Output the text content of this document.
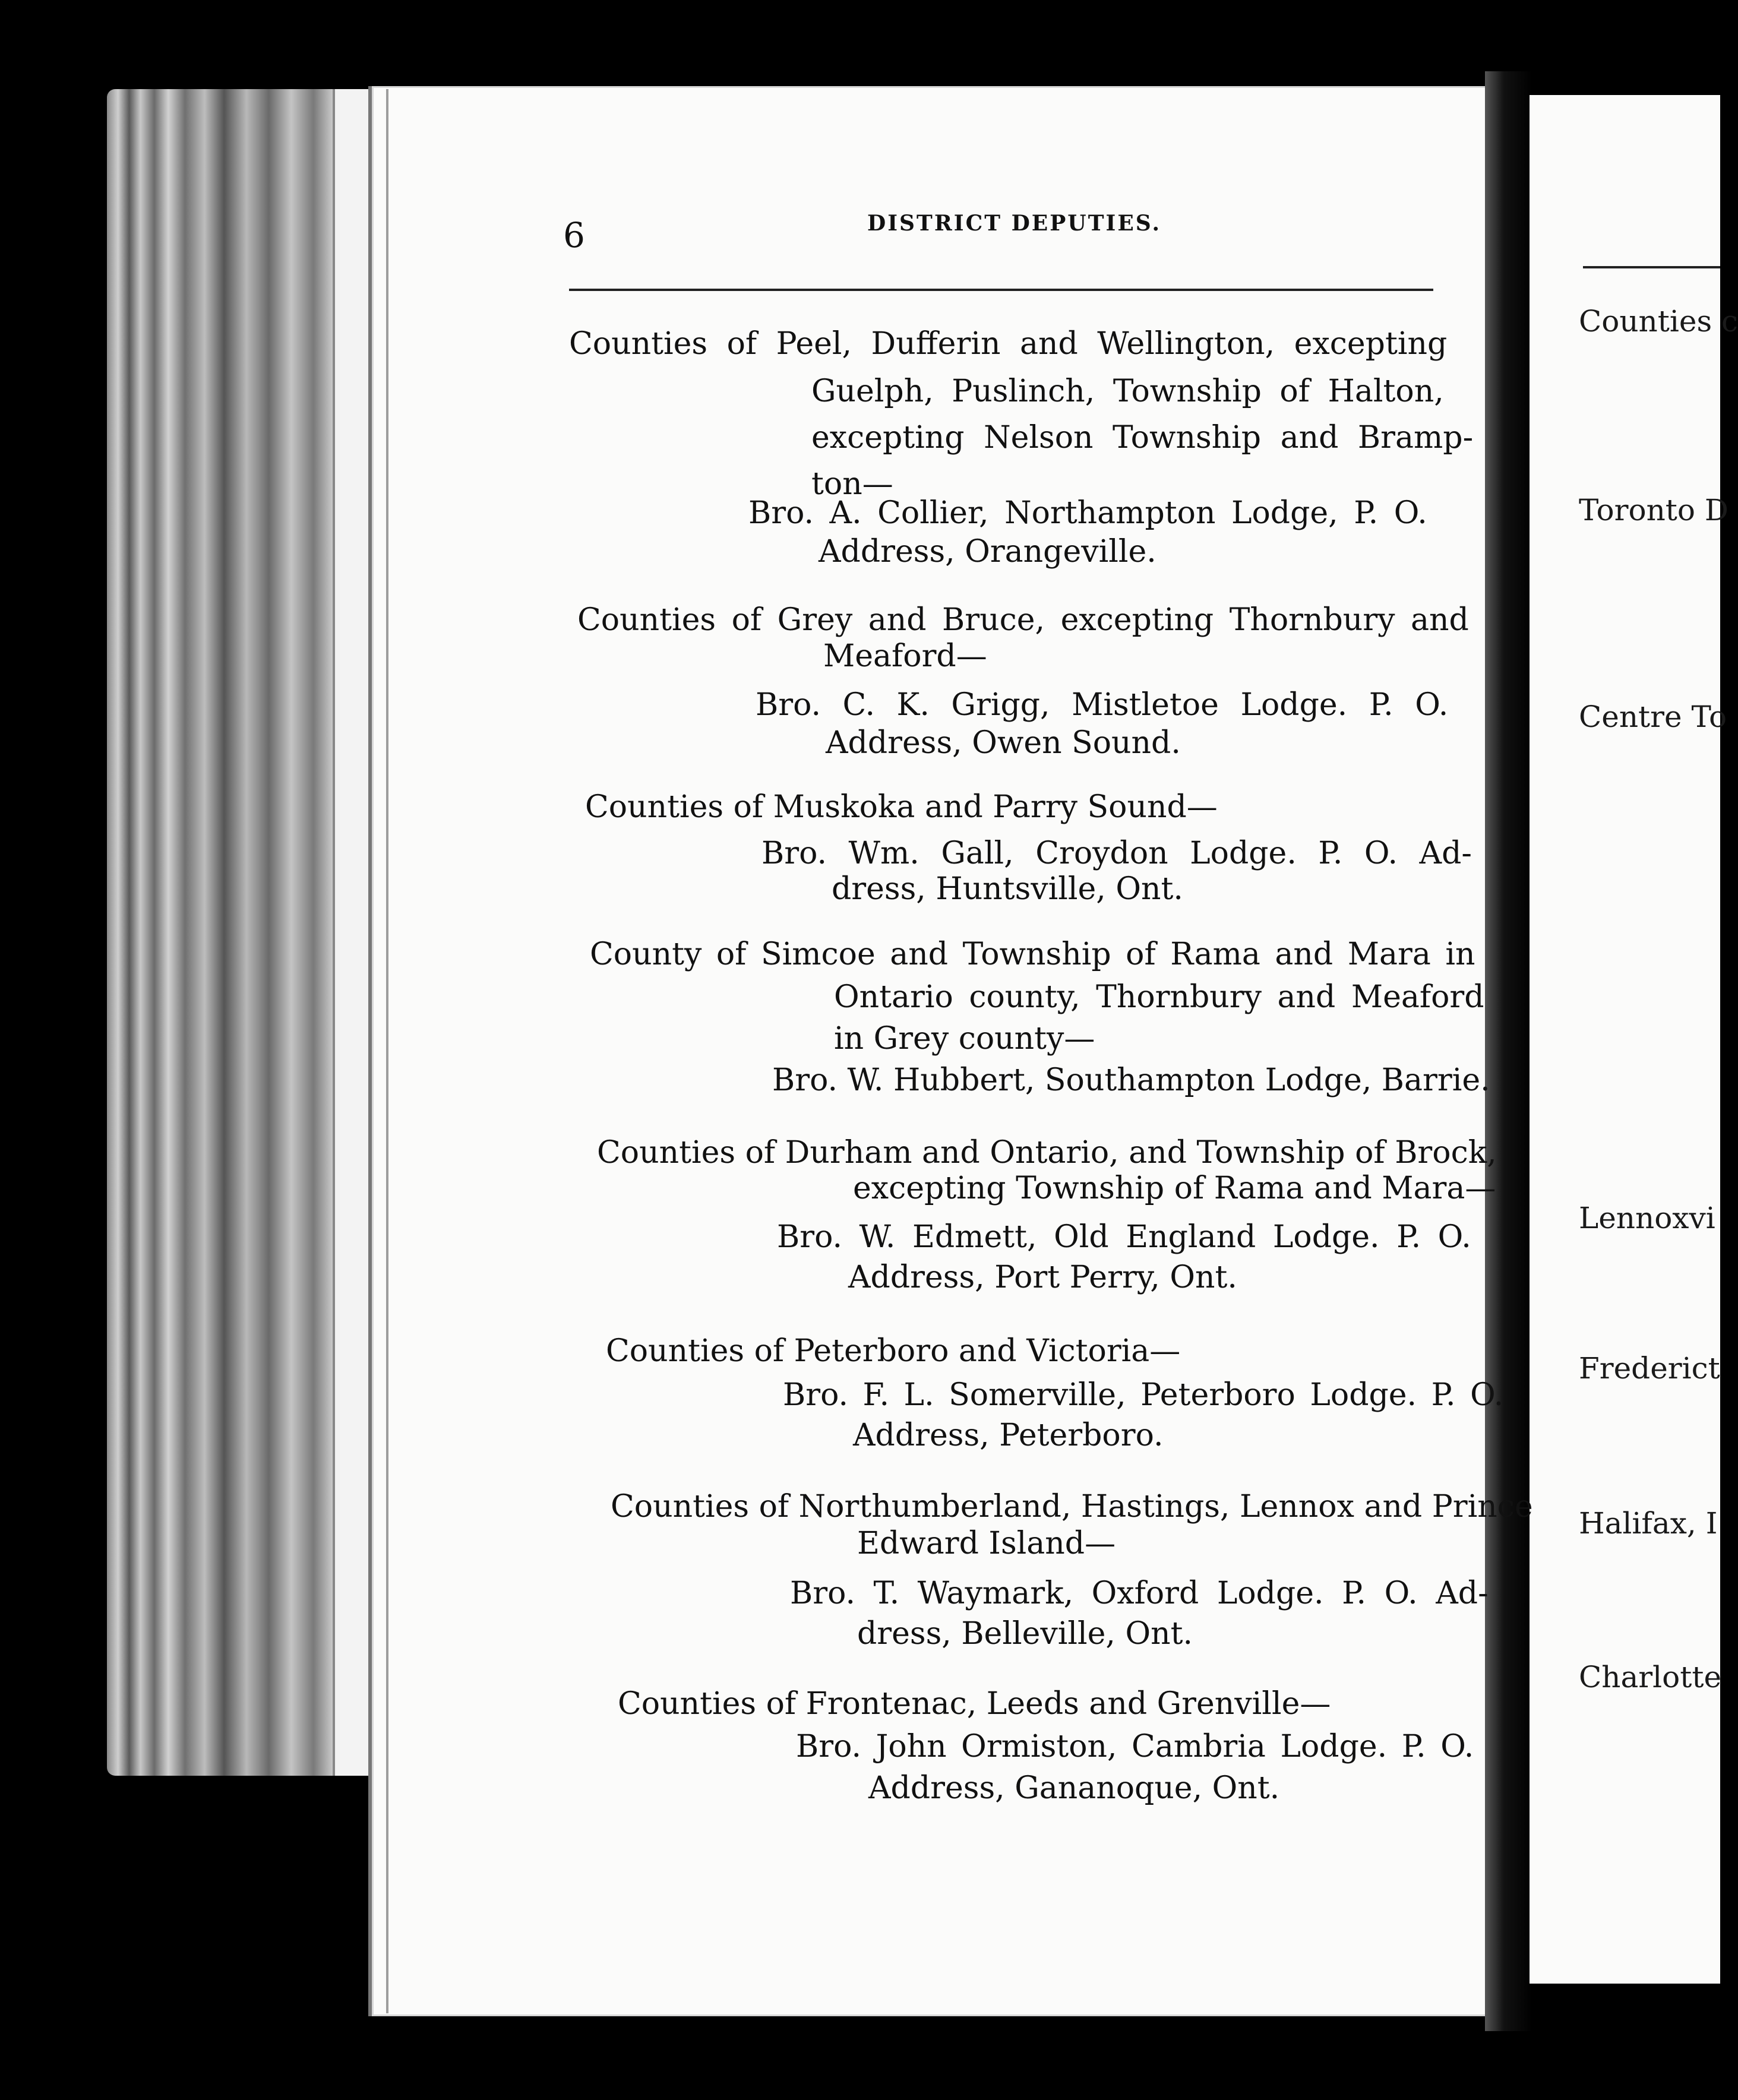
6	DISTRICT DEPUTIES.
Counties of Peel, Dufferin and Wellington, excepting
Guelph, Puslinch, Township of Halton,
excepting Nelson Township and Bramp-
ton—
Bro. A. Collier, Northampton Lodge, P. O.
Address, Orangeville.
Counties of Grey and Bruce, excepting Thornbury and
Meaford—
Bro. C. K. Grigg, Mistletoe Lodge. P. O.
Address, Owen Sound.
Counties of Muskoka and Parry Sound—
Bro. Wm. Gall, Croydon Lodge. P. O. Ad-
dress, Huntsville, Ont.
County of Simcoe and Township of Rama and Mara in
Ontario county, Thornbury and Meaford
in Grey county—
Bro. W. Hubbert, Southampton Lodge, Barrie.
Counties of Durham and Ontario, and Township of Brock,
excepting Township of Rama and Mara—
Bro. W. Edmett, Old England Lodge. P. O.
Address, Port Perry, Ont.
Counties of Peterboro and Victoria—
Bro. F. L. Somerville, Peterboro Lodge. P. O.
Address, Peterboro.
Counties of Northumberland, Hastings, Lennox and Prince
Edward Island—
Bro. T. Waymark, Oxford Lodge. P. O. Ad-
dress, Belleville, Ont.
Counties of Frontenac, Leeds and Grenville—
Bro. John Ormiston, Cambria Lodge. P. O.
Address, Gananoque, Ont.
Counties c
Toronto D
Centre To
Lennoxvi
Frederict
Halifax, I
Charlotte
